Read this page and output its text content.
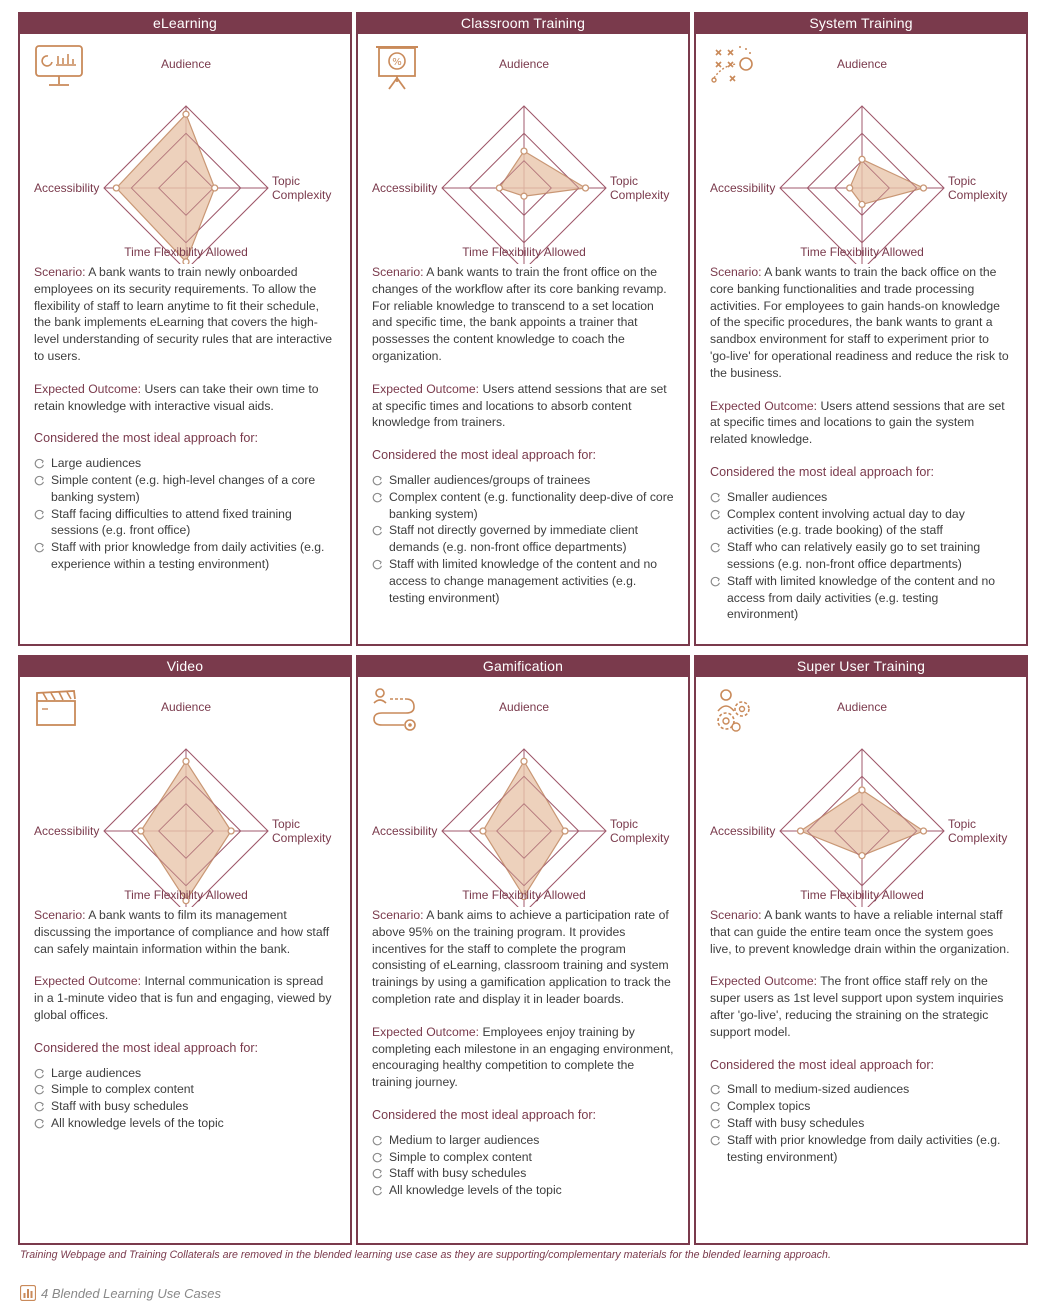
eLearning
Audience
Accessibility	Topic
Complexity
Time Flexibility Allowed

Scenario: A bank wants to train newly onboarded employees on its security requirements. To allow the flexibility of staff to learn anytime to fit their schedule, the bank implements eLearning that covers the high-level understanding of security rules that are interactive to users.

Expected Outcome: Users can take their own time to retain knowledge with interactive visual aids.

Considered the most ideal approach for:
Large audiences
Simple content (e.g. high-level changes of a core banking system)
Staff facing difficulties to attend fixed training sessions (e.g. front office)
Staff with prior knowledge from daily activities (e.g. experience within a testing environment)
Classroom Training
Audience
Accessibility	Topic
Complexity
Time Flexibility Allowed
%

Scenario: A bank wants to train the front office on the changes of the workflow after its core banking revamp. For reliable knowledge to transcend to a set location and specific time, the bank appoints a trainer that possesses the content knowledge to coach the organization.

Expected Outcome: Users attend sessions that are set at specific times and locations to absorb content knowledge from trainers.

Considered the most ideal approach for:
Smaller audiences/groups of trainees
Complex content (e.g. functionality deep-dive of core banking system)
Staff not directly governed by immediate client demands (e.g. non-front office departments)
Staff with limited knowledge of the content and no access to change management activities (e.g. testing environment)
System Training
Audience
Accessibility	Topic
Complexity
Time Flexibility Allowed

Scenario: A bank wants to train the back office on the core banking functionalities and trade processing activities. For employees to gain hands-on knowledge of the specific procedures, the bank wants to grant a sandbox environment for staff to experiment prior to 'go-live' for operational readiness and reduce the risk to the business.

Expected Outcome: Users attend sessions that are set at specific times and locations to gain the system related knowledge.

Considered the most ideal approach for:
Smaller audiences
Complex content involving actual day to day activities (e.g. trade booking) of the staff
Staff who can relatively easily go to set training sessions (e.g. non-front office departments)
Staff with limited knowledge of the content and no access from daily activities (e.g. testing environment)
Video
Audience
Accessibility	Topic
Complexity
Time Flexibility Allowed

Scenario: A bank wants to film its management discussing the importance of compliance and how staff can safely maintain information within the bank.

Expected Outcome: Internal communication is spread in a 1-minute video that is fun and engaging, viewed by global offices.

Considered the most ideal approach for:
Large audiences
Simple to complex content
Staff with busy schedules
All knowledge levels of the topic
Gamification
Audience
Accessibility	Topic
Complexity
Time Flexibility Allowed

Scenario: A bank aims to achieve a participation rate of above 95% on the training program. It provides incentives for the staff to complete the program consisting of eLearning, classroom training and system trainings by using a gamification application to track the completion rate and display it in leader boards.

Expected Outcome: Employees enjoy training by completing each milestone in an engaging environment, encouraging healthy competition to complete the training journey.

Considered the most ideal approach for:
Medium to larger audiences
Simple to complex content
Staff with busy schedules
All knowledge levels of the topic
Super User Training
Audience
Accessibility	Topic
Complexity
Time Flexibility Allowed

Scenario: A bank wants to have a reliable internal staff that can guide the entire team once the system goes live, to prevent knowledge drain within the organization.

Expected Outcome: The front office staff rely on the super users as 1st level support upon system inquiries after 'go-live', reducing the straining on the strategic support model.

Considered the most ideal approach for:
Small to medium-sized audiences
Complex topics
Staff with busy schedules
Staff with prior knowledge from daily activities (e.g. testing environment)
Training Webpage and Training Collaterals are removed in the blended learning use case as they are supporting/complementary materials for the blended learning approach.
4 Blended Learning Use Cases
